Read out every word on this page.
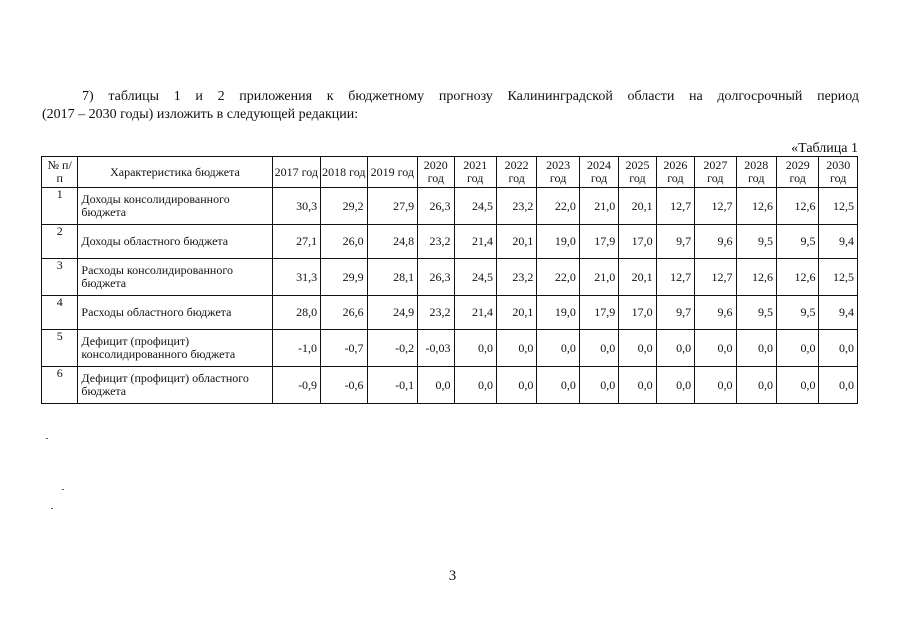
7) таблицы 1 и 2 приложения к бюджетному прогнозу Калининградской области на долгосрочный период
(2017 – 2030 годы) изложить в следующей редакции:
«Таблица 1
№ п/п	Характеристика бюджета	2017 год	2018 год	2019 год	2020 год	2021 год	2022 год	2023 год	2024 год	2025 год	2026 год	2027 год	2028 год	2029 год	2030 год
1	Доходы консолидированного бюджета	30,3	29,2	27,9	26,3	24,5	23,2	22,0	21,0	20,1	12,7	12,7	12,6	12,6	12,5
2	Доходы областного бюджета	27,1	26,0	24,8	23,2	21,4	20,1	19,0	17,9	17,0	9,7	9,6	9,5	9,5	9,4
3	Расходы консолидированного бюджета	31,3	29,9	28,1	26,3	24,5	23,2	22,0	21,0	20,1	12,7	12,7	12,6	12,6	12,5
4	Расходы областного бюджета	28,0	26,6	24,9	23,2	21,4	20,1	19,0	17,9	17,0	9,7	9,6	9,5	9,5	9,4
5	Дефицит (профицит) консолидированного бюджета	-1,0	-0,7	-0,2	-0,03	0,0	0,0	0,0	0,0	0,0	0,0	0,0	0,0	0,0	0,0
6	Дефицит (профицит) областного бюджета	-0,9	-0,6	-0,1	0,0	0,0	0,0	0,0	0,0	0,0	0,0	0,0	0,0	0,0	0,0
3
